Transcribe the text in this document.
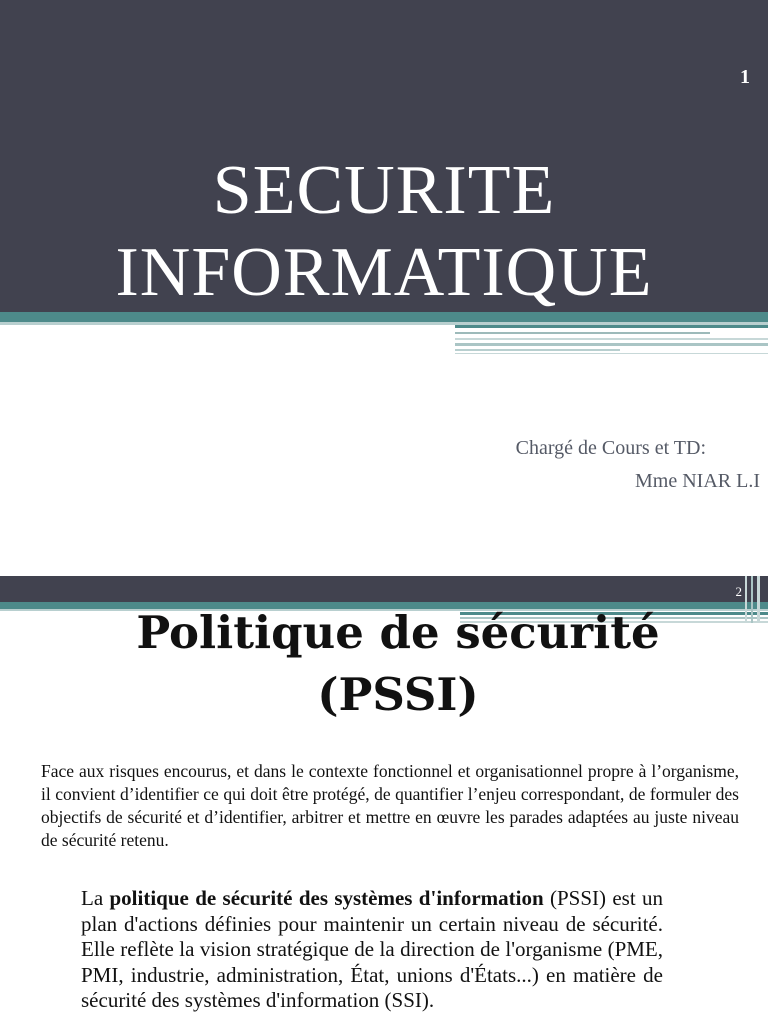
1
SECURITE
INFORMATIQUE
Chargé de Cours et TD:
Mme NIAR L.I
2
Politique de sécurité
(PSSI)

Face aux risques encourus, et dans le contexte fonctionnel et organisationnel propre à l’organisme, il convient d’identifier ce qui doit être protégé, de quantifier l’enjeu correspondant, de formuler des objectifs de sécurité et d’identifier, arbitrer et mettre en œuvre les parades adaptées au juste niveau de sécurité retenu.

La politique de sécurité des systèmes d'information (PSSI) est un plan d'actions définies pour maintenir un certain niveau de sécurité. Elle reflète la vision stratégique de la direction de l'organisme (PME, PMI, industrie, administration, État, unions d'États...) en matière de sécurité des systèmes d'information (SSI).
